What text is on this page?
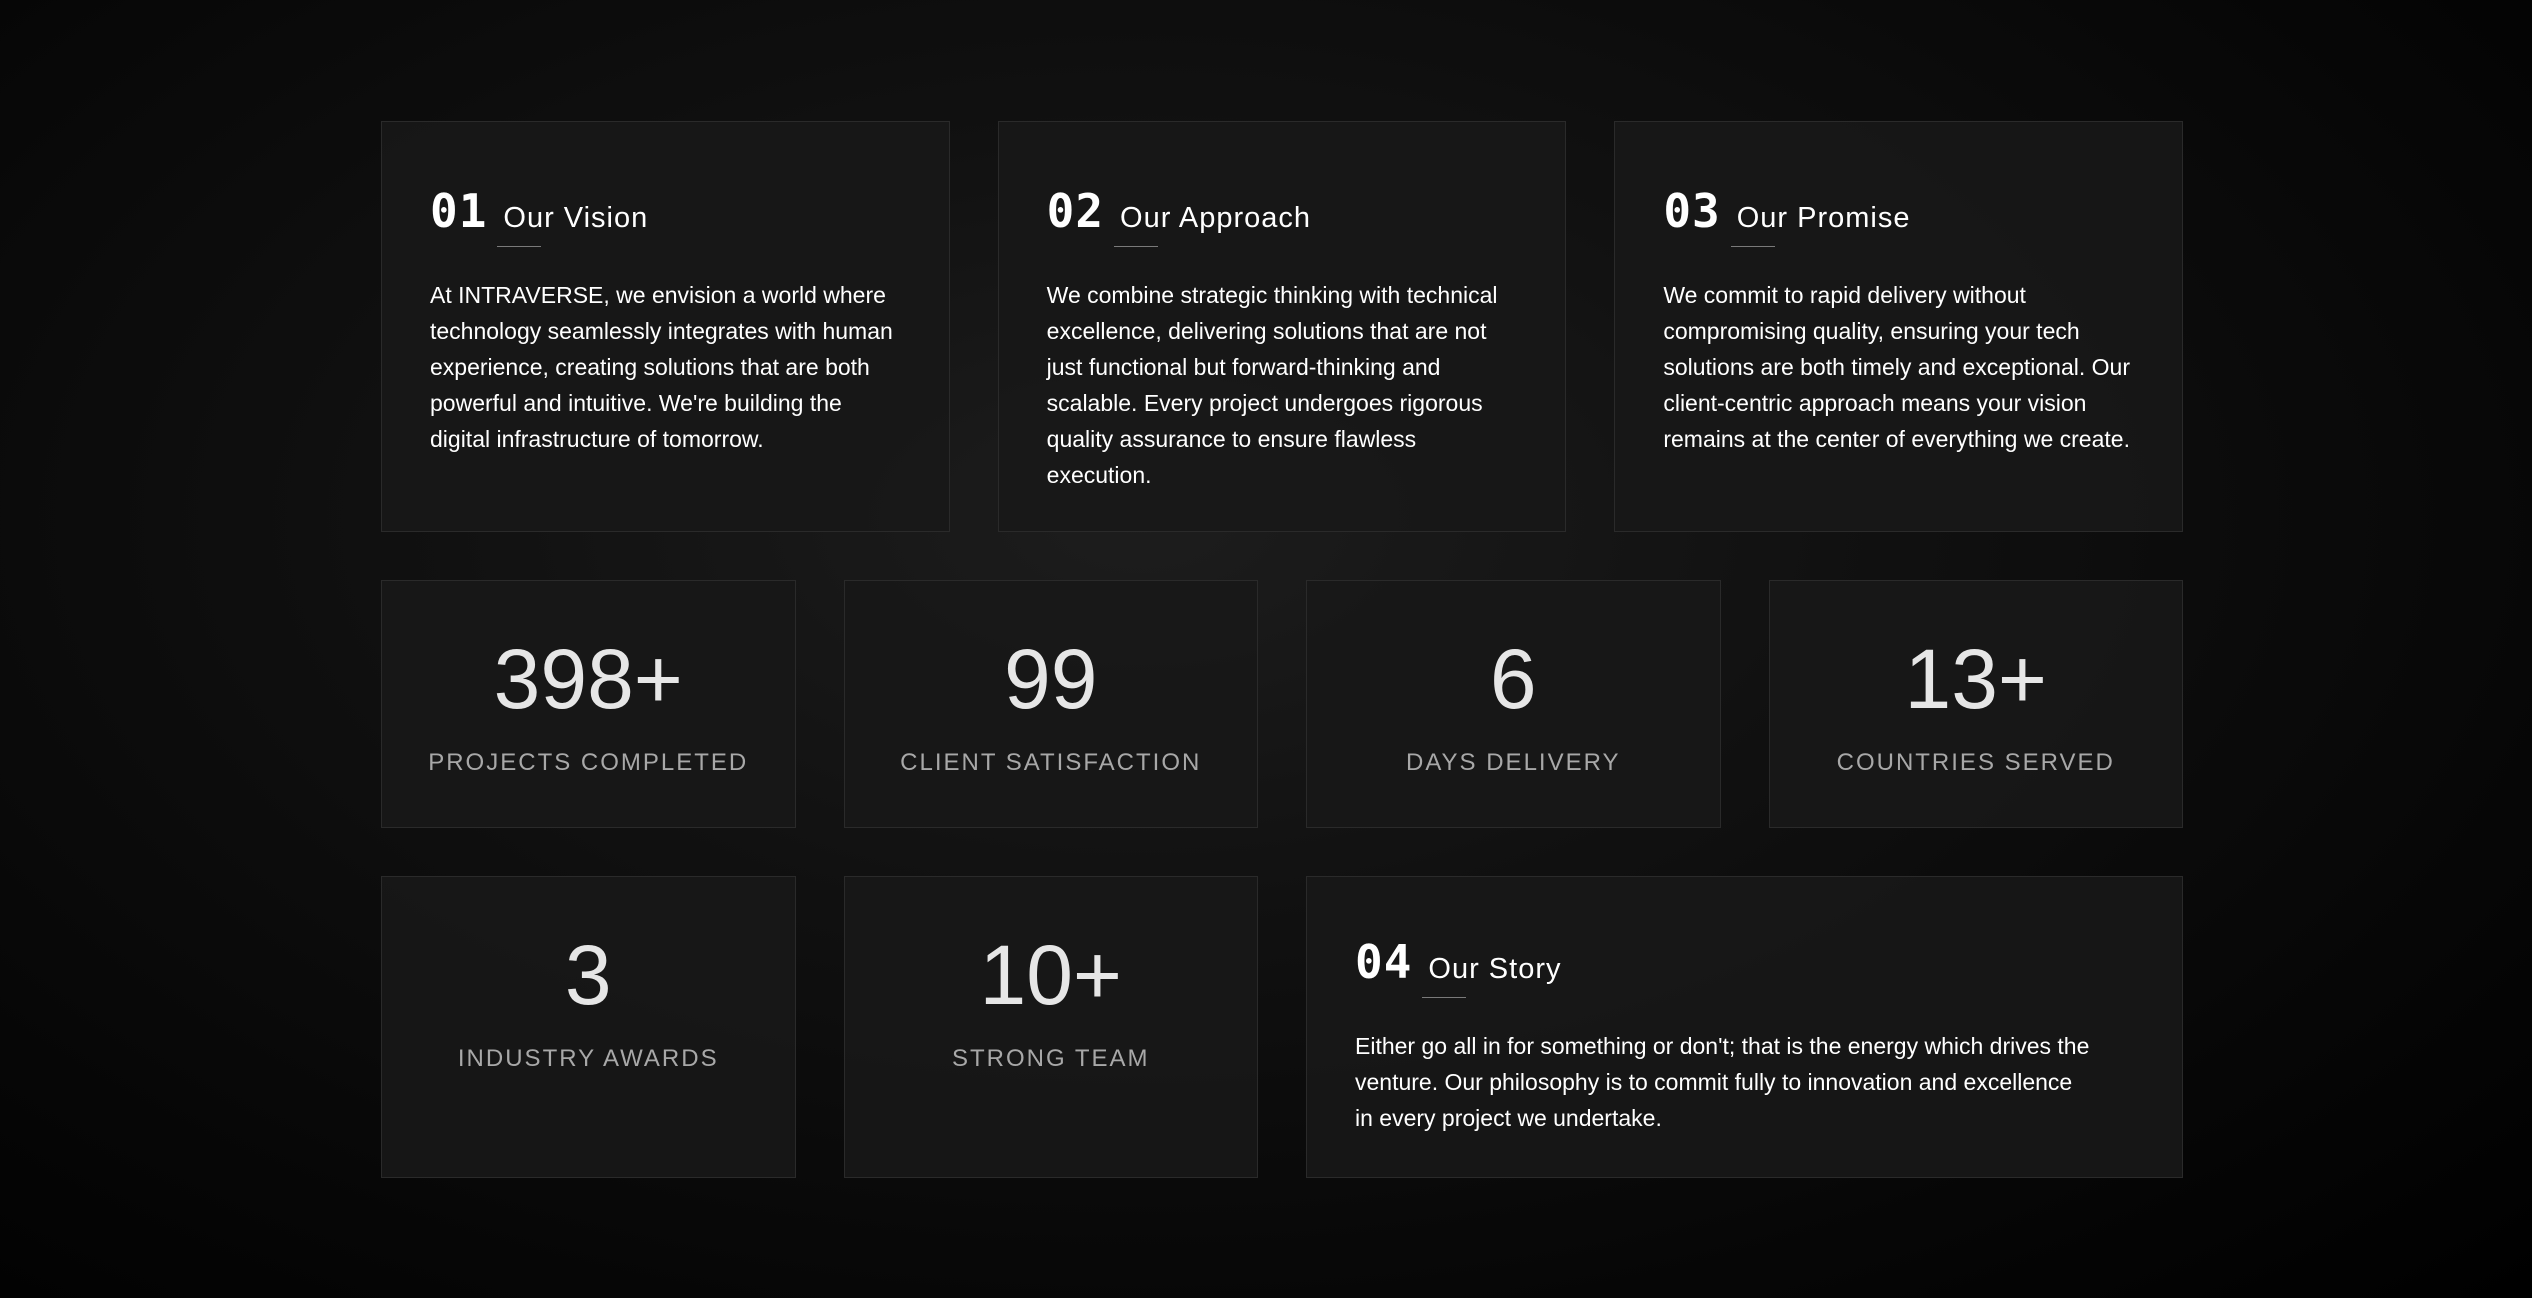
01 Our Vision

At INTRAVERSE, we envision a world where technology seamlessly integrates with human experience, creating solutions that are both powerful and intuitive. We're building the digital infrastructure of tomorrow.

02 Our Approach

We combine strategic thinking with technical excellence, delivering solutions that are not just functional but forward-thinking and scalable. Every project undergoes rigorous quality assurance to ensure flawless execution.

03 Our Promise

We commit to rapid delivery without compromising quality, ensuring your tech solutions are both timely and exceptional. Our client-centric approach means your vision remains at the center of everything we create.

398+
PROJECTS COMPLETED
99
CLIENT SATISFACTION
6
DAYS DELIVERY
13+
COUNTRIES SERVED
3
INDUSTRY AWARDS
10+
STRONG TEAM
04 Our Story

Either go all in for something or don't; that is the energy which drives the venture. Our philosophy is to commit fully to innovation and excellence in every project we undertake.
